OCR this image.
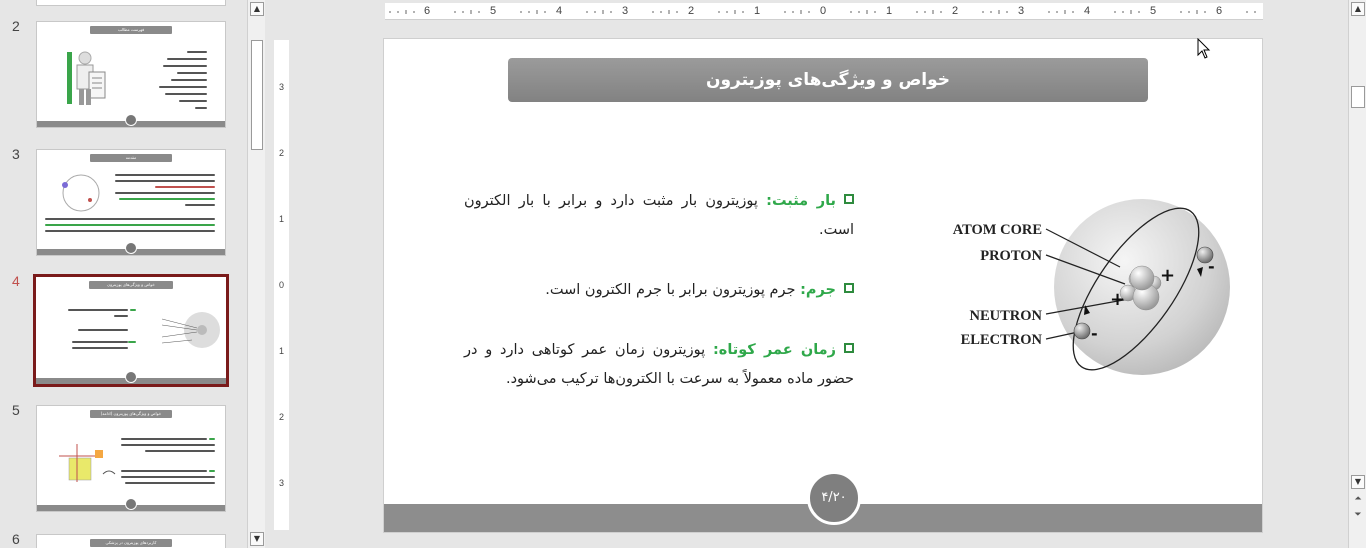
2	فهرست مطالب
3	مقدمه
4	خواص و ویژگی‌های پوزیترون
5	خواص و ویژگی‌های پوزیترون (ادامه)
6	کاربردهای پوزیترون در پزشکی
▲
▼
6	5	4	3	2	1	0	1	2	3	4	5	6
3
2
1
0
1
2
3
خواص و ویژگی‌های پوزیترون
بار مثبت: پوزیترون بار مثبت دارد و برابر با بار الکترون است.
جرم: جرم پوزیترون برابر با جرم الکترون است.
زمان عمر کوتاه: پوزیترون زمان عمر کوتاهی دارد و در حضور ماده معمولاً به سرعت با الکترون‌ها ترکیب می‌شود.
+
+
-
-
ATOM CORE
PROTON
NEUTRON
ELECTRON
۴/۲۰
▲
▼
⏶
⏷
